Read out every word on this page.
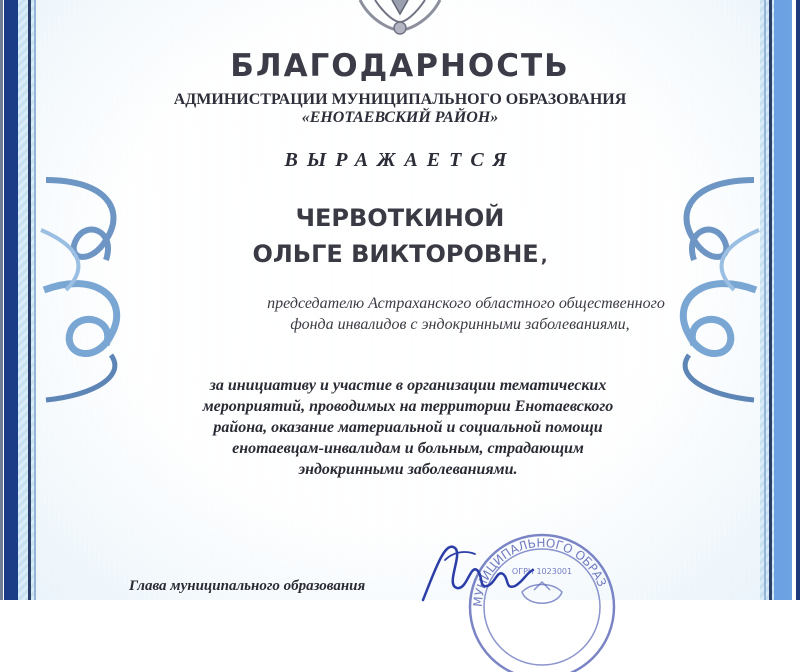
БЛАГОДАРНОСТЬ
АДМИНИСТРАЦИИ МУНИЦИПАЛЬНОГО ОБРАЗОВАНИЯ
«ЕНОТАЕВСКИЙ РАЙОН»
ВЫРАЖАЕТСЯ
ЧЕРВОТКИНОЙ
ОЛЬГЕ ВИКТОРОВНЕ ,
председателю Астраханского областного общественного
фонда инвалидов с эндокринными заболеваниями,
за инициативу и участие в организации тематических
мероприятий, проводимых на территории Енотаевского
района, оказание материальной и социальной помощи
енотаевцам-инвалидам и больным, страдающим
эндокринными заболеваниями.
МУНИЦИПАЛЬНОГО ОБРАЗ
ОГРН 1023001
Глава муниципального образования
